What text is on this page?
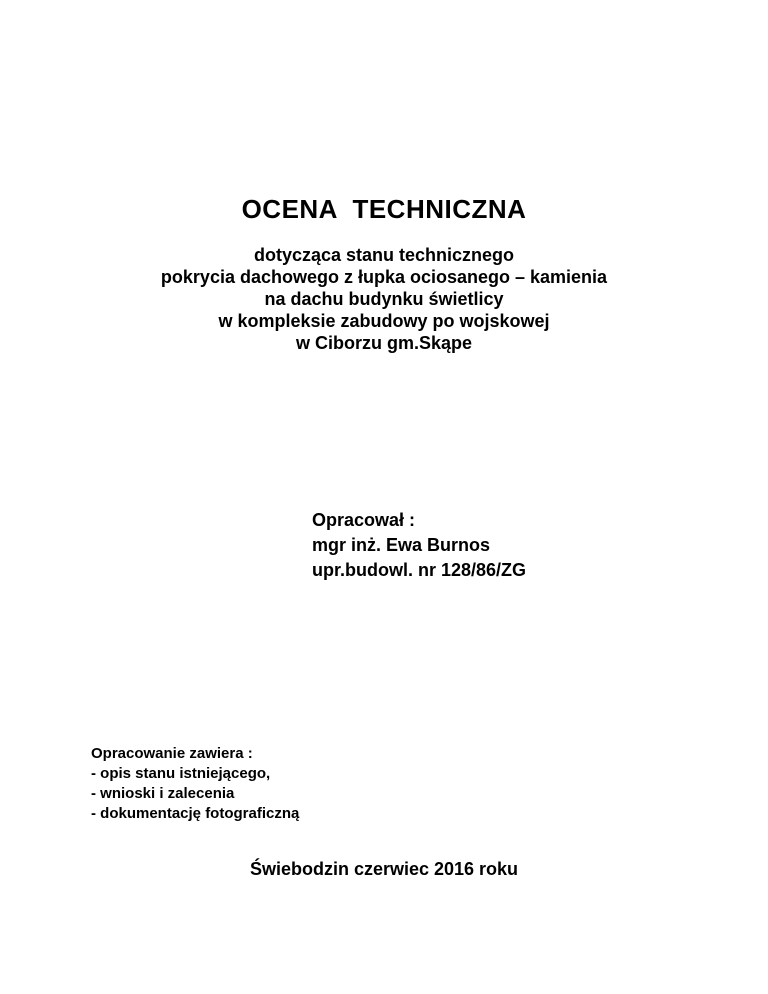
OCENA  TECHNICZNA
dotycząca stanu technicznego
pokrycia dachowego z łupka ociosanego – kamienia
na dachu budynku świetlicy
w kompleksie zabudowy po wojskowej
w Ciborzu gm.Skąpe
Opracował :
mgr inż. Ewa Burnos
upr.budowl. nr 128/86/ZG
Opracowanie zawiera :
- opis stanu istniejącego,
- wnioski i zalecenia
- dokumentację fotograficzną
Świebodzin czerwiec 2016 roku
